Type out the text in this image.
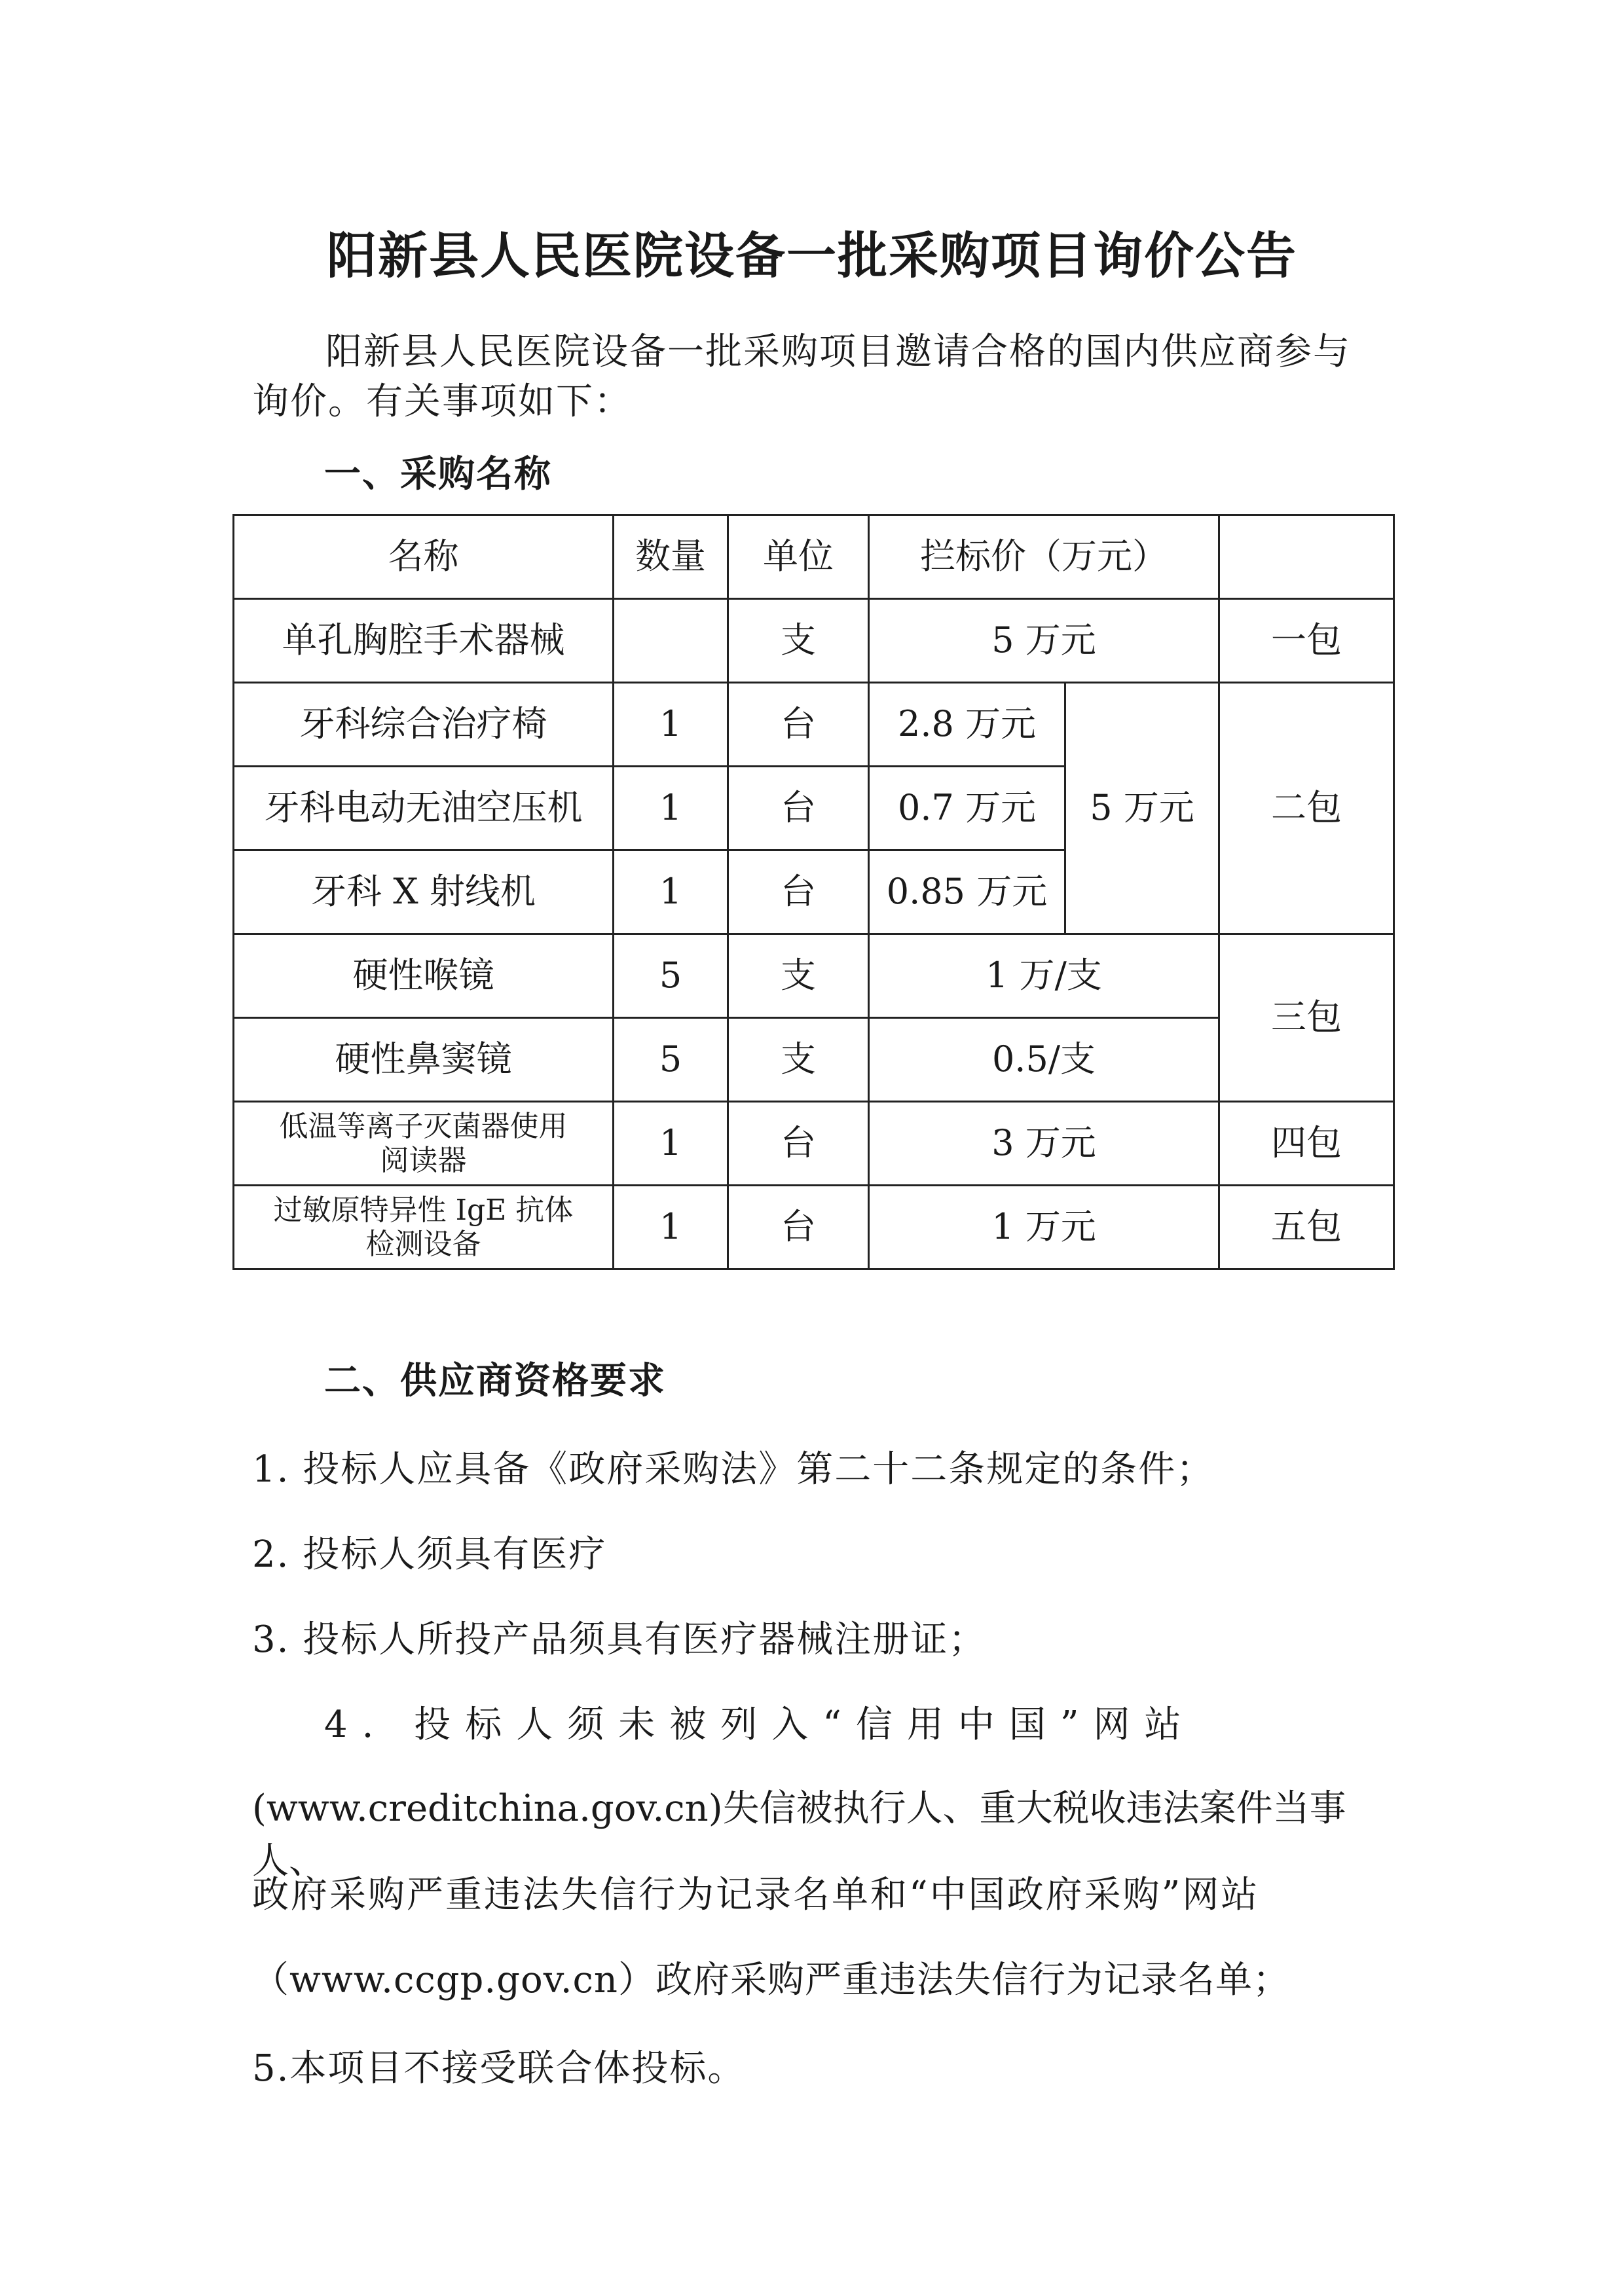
阳新县人民医院设备一批采购项目询价公告
阳新县人民医院设备一批采购项目邀请合格的国内供应商参与
询价。有关事项如下：
一、采购名称
名称	数量	单位	拦标价（万元）		
单孔胸腔手术器械		支	5 万元		一包
牙科综合治疗椅	1	台	2.8 万元	5 万元	二包
牙科电动无油空压机	1	台	0.7 万元		
牙科 X 射线机	1	台	0.85 万元		
硬性喉镜	5	支	1 万/支		三包
硬性鼻窦镜	5	支	0.5/支		

低温等离子灭菌器使用
阅读器	1	台	3 万元		四包

过敏原特异性 IgE 抗体
检测设备	1	台	1 万元		五包
二、供应商资格要求
1. 投标人应具备《政府采购法》第二十二条规定的条件；
2. 投标人须具有医疗
3. 投标人所投产品须具有医疗器械注册证；
4. 投标人须未被列入“信用中国”网站
(www.creditchina.gov.cn)失信被执行人、重大税收违法案件当事人、
政府采购严重违法失信行为记录名单和“中国政府采购”网站
（www.ccgp.gov.cn）政府采购严重违法失信行为记录名单；
5.本项目不接受联合体投标。
